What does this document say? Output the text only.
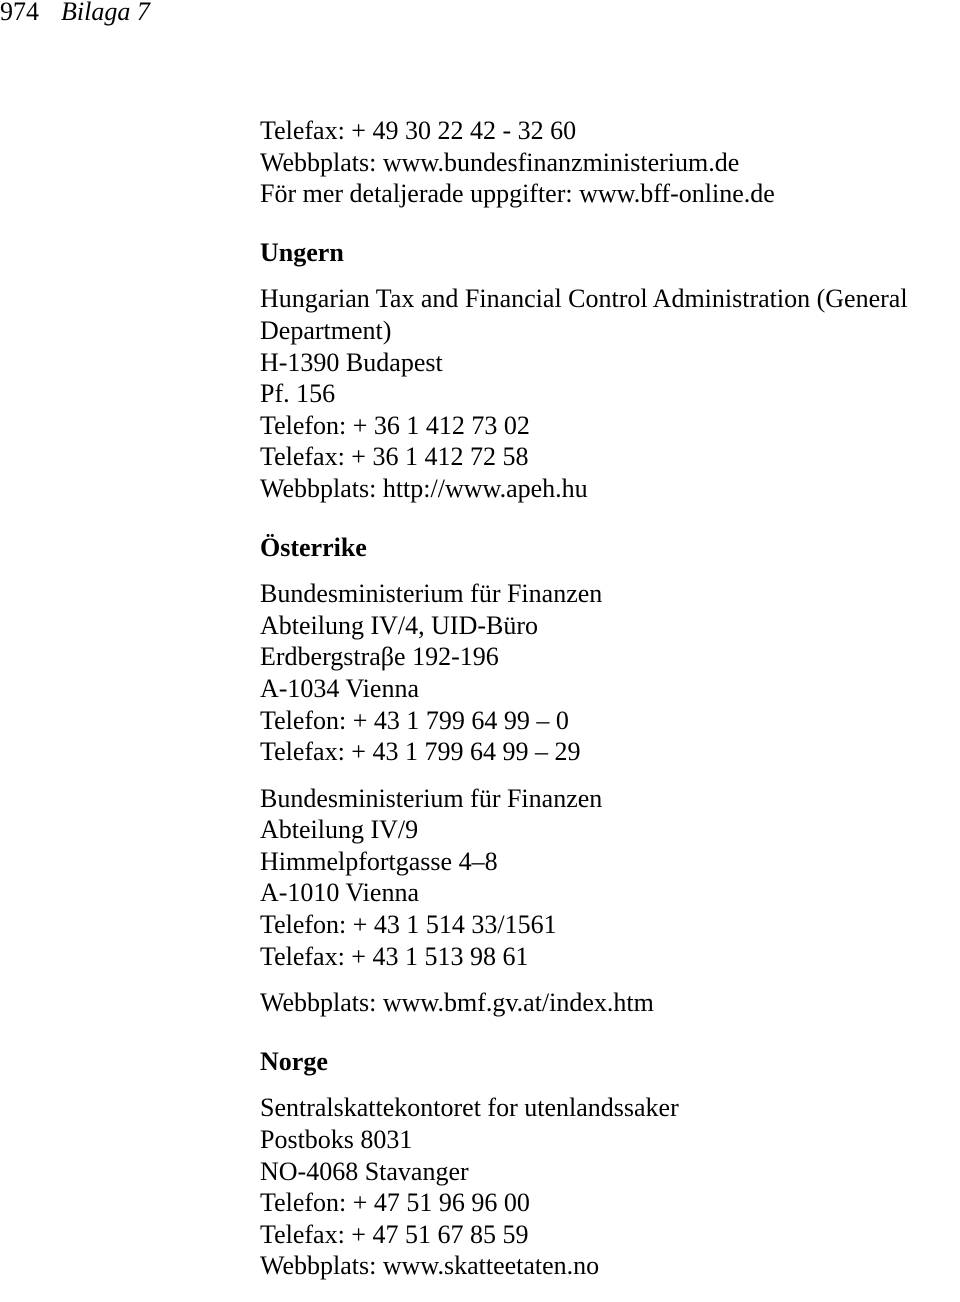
974 Bilaga 7
Telefax: + 49 30 22 42 - 32 60
Webbplats: www.bundesfinanzministerium.de
För mer detaljerade uppgifter: www.bff-online.de
Ungern
Hungarian Tax and Financial Control Administration (General
Department)
H-1390 Budapest
Pf. 156
Telefon: + 36 1 412 73 02
Telefax: + 36 1 412 72 58
Webbplats: http://www.apeh.hu
Österrike
Bundesministerium für Finanzen
Abteilung IV/4, UID-Büro
Erdbergstraβe 192-196
A-1034 Vienna
Telefon: + 43 1 799 64 99 – 0
Telefax: + 43 1 799 64 99 – 29
Bundesministerium für Finanzen
Abteilung IV/9
Himmelpfortgasse 4–8
A-1010 Vienna
Telefon: + 43 1 514 33/1561
Telefax: + 43 1 513 98 61
Webbplats: www.bmf.gv.at/index.htm
Norge
Sentralskattekontoret for utenlandssaker
Postboks 8031
NO-4068 Stavanger
Telefon: + 47 51 96 96 00
Telefax: + 47 51 67 85 59
Webbplats: www.skatteetaten.no
